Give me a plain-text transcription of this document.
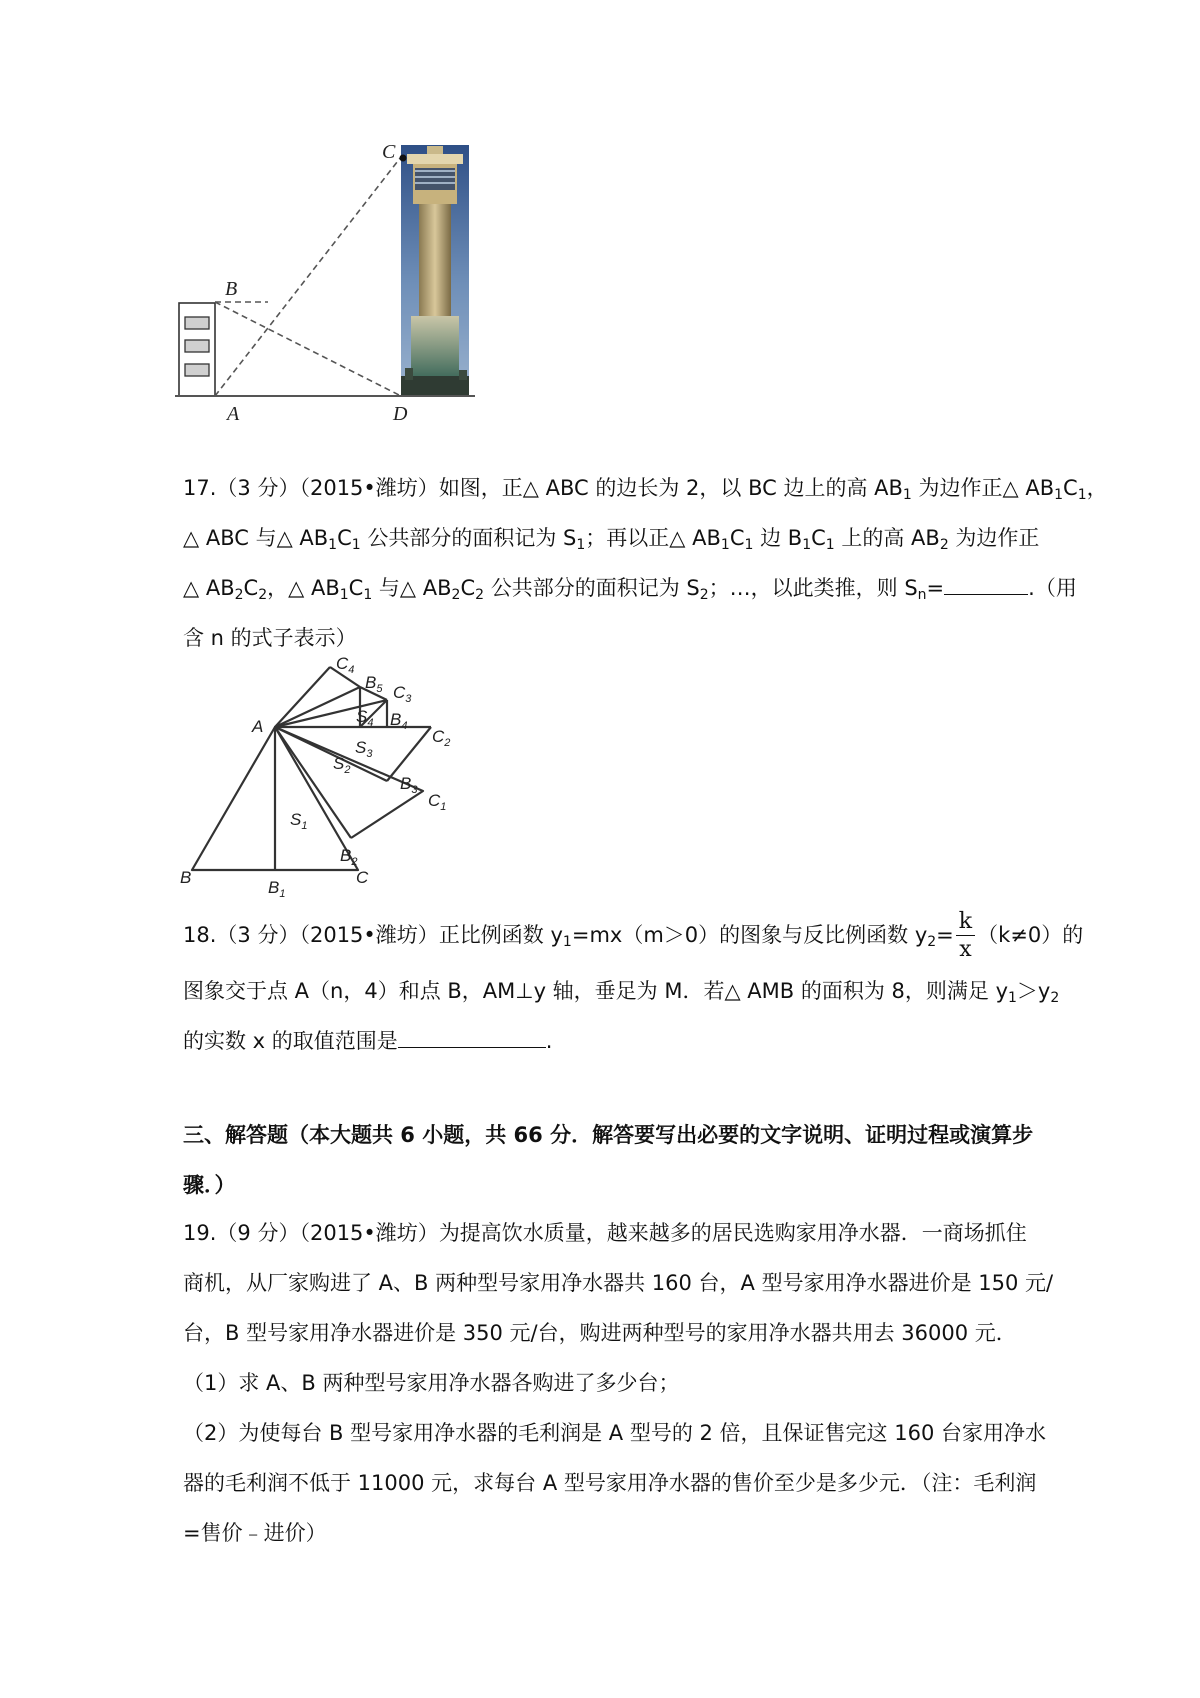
C
B
A	D
17.（3 分）（2015•潍坊）如图，正△ ABC 的边长为 2，以 BC 边上的高 $AB_1$ 为边作正△ $AB_1C_1$，
△ ABC 与△ $AB_1C_1$ 公共部分的面积记为 $S_1$；再以正△ $AB_1C_1$ 边 $B_1C_1$ 上的高 $AB_2$ 为边作正
△ $AB_2C_2$，△ $AB_1C_1$ 与△ $AB_2C_2$ 公共部分的面积记为 $S_2$；…，以此类推，则 $S_n=$	.（用
含 n 的式子表示）
A
B
$B_1$
C
$B_2$
$C_1$
$B_3$
$C_2$
$B_4$
$C_3$
$B_5$
$C_4$
$S_1$
$S_2$
$S_3$
$S_4$
18.（3 分）（2015•潍坊）正比例函数 $y_1=mx(m>0)$的图象与反比例函数 $y_2= \frac{k}{x} (k\ne 0)$的
图象交于点 A（n，4）和点 B，AM⊥y 轴，垂足为 M．若△ AMB 的面积为 8，则满足 $y_1>y_2$
的实数 x 的取值范围是	.
三、解答题（本大题共 6 小题，共 66 分．解答要写出必要的文字说明、证明过程或演算步
骤．）
19.（9 分）（2015•潍坊）为提高饮水质量，越来越多的居民选购家用净水器．一商场抓住
商机，从厂家购进了 A、B 两种型号家用净水器共 160 台，A 型号家用净水器进价是 150 元/
台，B 型号家用净水器进价是 350 元/台，购进两种型号的家用净水器共用去 36000 元．
（1）求 A、B 两种型号家用净水器各购进了多少台；
（2）为使每台 B 型号家用净水器的毛利润是 A 型号的 2 倍，且保证售完这 160 台家用净水
器的毛利润不低于 11000 元，求每台 A 型号家用净水器的售价至少是多少元．（注：毛利润
=售价﹣进价）
